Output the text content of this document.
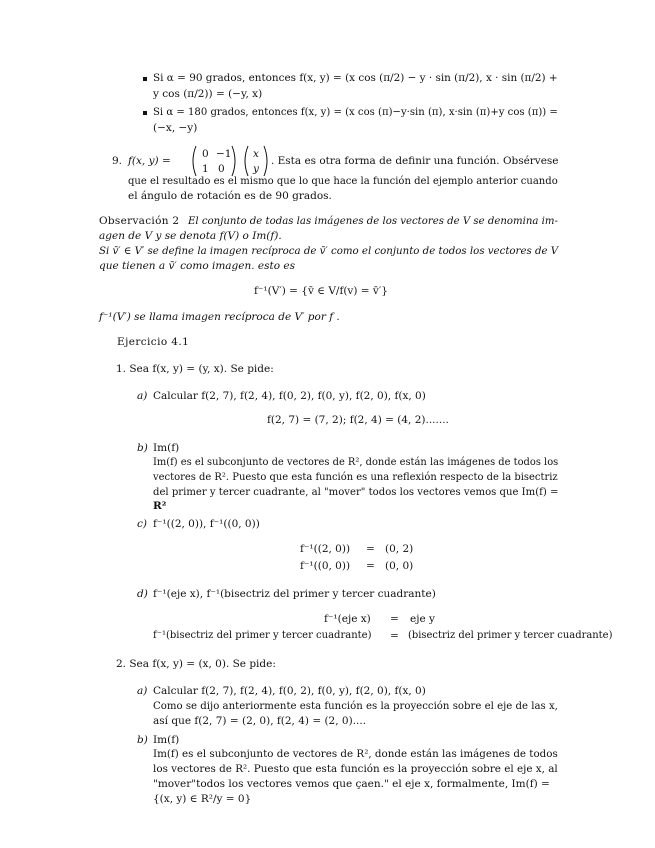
Si α = 90 grados, entonces f(x, y) = (x cos (π/2) − y · sin (π/2), x · sin (π/2) +
y cos (π/2)) = (−y, x)
Si α = 180 grados, entonces f(x, y) = (x cos (π)−y·sin (π), x·sin (π)+y cos (π)) =
(−x, −y)
9. f(x, y) =
0 −1
1 0
x
y
. Esta es otra forma de definir una función. Obsérvese
que el resultado es el mismo que lo que hace la función del ejemplo anterior cuando
el ángulo de rotación es de 90 grados.
Observación 2 El conjunto de todas las imágenes de los vectores de V se denomina im-
agen de V y se denota f(V) o Im(f).
Si v̄′ ∈ V′ se define la imagen recíproca de v̄′ como el conjunto de todos los vectores de V
que tienen a v̄′ como imagen. esto es
f⁻¹(V′) = {v̄ ∈ V/f(v) = v̄′}
f⁻¹(V′) se llama imagen recíproca de V′ por f .
Ejercicio 4.1
1. Sea f(x, y) = (y, x). Se pide:
a) Calcular f(2, 7), f(2, 4), f(0, 2), f(0, y), f(2, 0), f(x, 0)
f(2, 7) = (7, 2); f(2, 4) = (4, 2).......
b) Im(f)
Im(f) es el subconjunto de vectores de R², donde están las imágenes de todos los
vectores de R². Puesto que esta función es una reflexión respecto de la bisectriz
del primer y tercer cuadrante, al "mover" todos los vectores vemos que Im(f) =
R²
c) f⁻¹((2, 0)), f⁻¹((0, 0))
f⁻¹((2, 0)) = (0, 2)
f⁻¹((0, 0)) = (0, 0)
d) f⁻¹(eje x), f⁻¹(bisectriz del primer y tercer cuadrante)
f⁻¹(eje x) = eje y
f⁻¹(bisectriz del primer y tercer cuadrante) = (bisectriz del primer y tercer cuadrante)
2. Sea f(x, y) = (x, 0). Se pide:
a) Calcular f(2, 7), f(2, 4), f(0, 2), f(0, y), f(2, 0), f(x, 0)
Como se dijo anteriormente esta función es la proyección sobre el eje de las x,
así que f(2, 7) = (2, 0), f(2, 4) = (2, 0)....
b) Im(f)
Im(f) es el subconjunto de vectores de R², donde están las imágenes de todos
los vectores de R². Puesto que esta función es la proyección sobre el eje x, al
"mover"todos los vectores vemos que çaen." el eje x, formalmente, Im(f) =
{(x, y) ∈ R²/y = 0}
